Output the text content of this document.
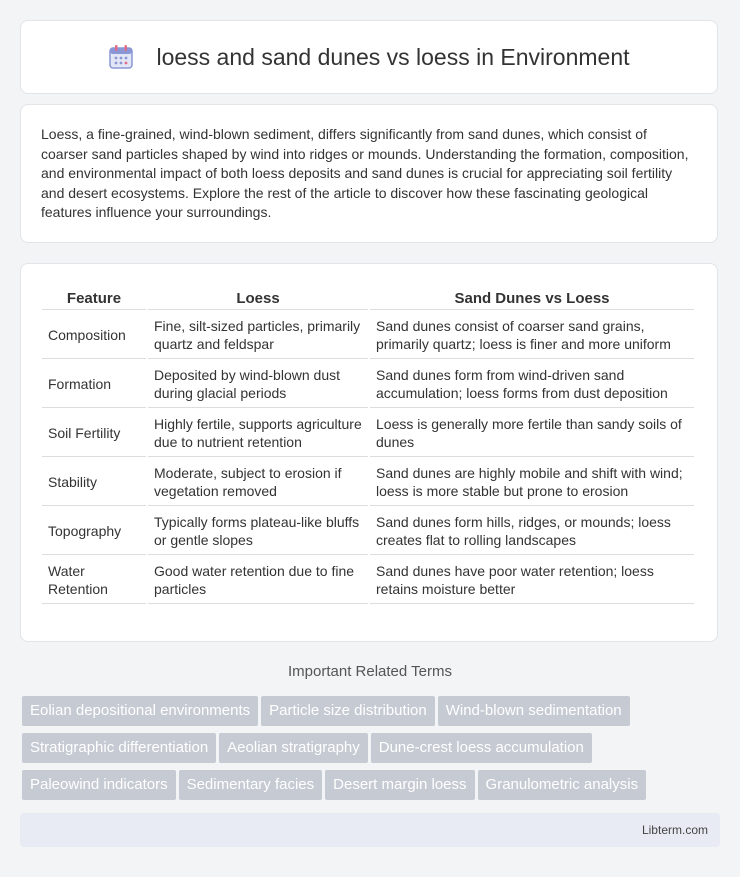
loess and sand dunes vs loess in Environment

Loess, a fine-grained, wind-blown sediment, differs significantly from sand dunes, which consist of coarser sand particles shaped by wind into ridges or mounds. Understanding the formation, composition, and environmental impact of both loess deposits and sand dunes is crucial for appreciating soil fertility and desert ecosystems. Explore the rest of the article to discover how these fascinating geological features influence your surroundings.

Feature	Loess	Sand Dunes vs Loess
Composition	Fine, silt-sized particles, primarily quartz and feldspar	Sand dunes consist of coarser sand grains, primarily quartz; loess is finer and more uniform
Formation	Deposited by wind-blown dust during glacial periods	Sand dunes form from wind-driven sand accumulation; loess forms from dust deposition
Soil Fertility	Highly fertile, supports agriculture due to nutrient retention	Loess is generally more fertile than sandy soils of dunes
Stability	Moderate, subject to erosion if vegetation removed	Sand dunes are highly mobile and shift with wind; loess is more stable but prone to erosion
Topography	Typically forms plateau-like bluffs or gentle slopes	Sand dunes form hills, ridges, or mounds; loess creates flat to rolling landscapes
Water Retention	Good water retention due to fine particles	Sand dunes have poor water retention; loess retains moisture better
Important Related Terms
Eolian depositional environments Particle size distribution Wind-blown sedimentation Stratigraphic differentiation Aeolian stratigraphy Dune-crest loess accumulation Paleowind indicators Sedimentary facies Desert margin loess Granulometric analysis
Libterm.com
